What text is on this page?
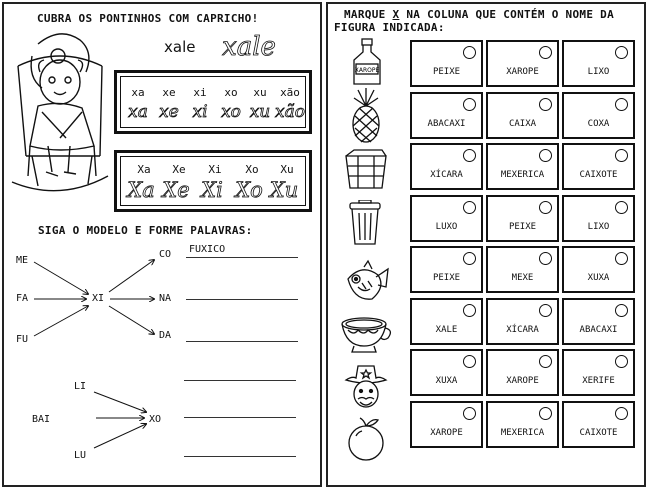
CUBRA OS PONTINHOS COM CAPRICHO!
xale	xale
xa	xe	xi	xo	xu	xão
xa xe xi xo xu xão
Xa	Xe	Xi	Xo	Xu
Xa Xe Xi Xo Xu
SIGA O MODELO E FORME PALAVRAS:
ME
FA
FU
XI
CO
NA
DA
FUXICO
LI
BAI
LU
XO
MARQUE X NA COLUNA QUE CONTÉM O NOME DA
FIGURA INDICADA:
XAROPE	PEIXE	XAROPE	LIXO
ABACAXI	CAIXA	COXA
XÍCARA	MEXERICA	CAIXOTE
LUXO	PEIXE	LIXO
PEIXE	MEXE	XUXA
XALE	XÍCARA	ABACAXI
XUXA	XAROPE	XERIFE
XAROPE	MEXERICA	CAIXOTE
